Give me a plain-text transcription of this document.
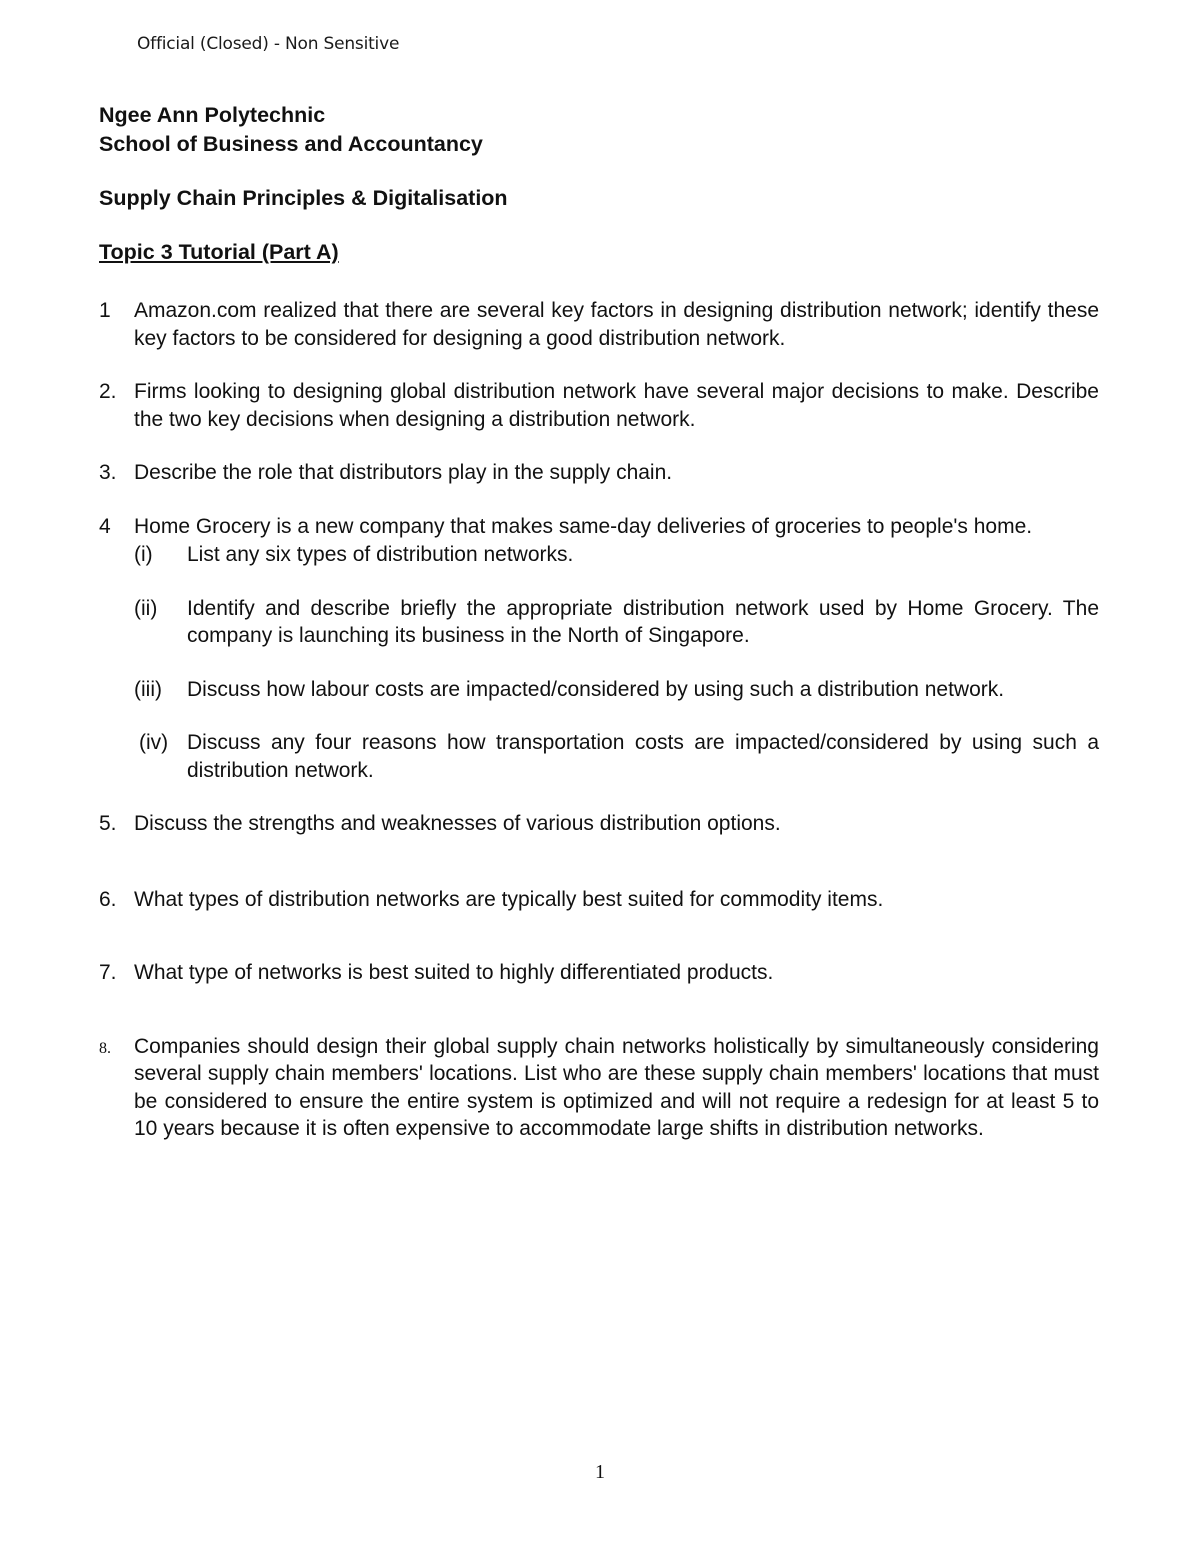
Official (Closed) - Non Sensitive

Ngee Ann Polytechnic

School of Business and Accountancy

Supply Chain Principles & Digitalisation

Topic 3 Tutorial (Part A)

1 Amazon.com realized that there are several key factors in designing distribution network; identify these key factors to be considered for designing a good distribution network.
2. Firms looking to designing global distribution network have several major decisions to make. Describe the two key decisions when designing a distribution network.
3. Describe the role that distributors play in the supply chain.
4 Home Grocery is a new company that makes same-day deliveries of groceries to people's home.
(i) List any six types of distribution networks.
(ii) Identify and describe briefly the appropriate distribution network used by Home Grocery. The company is launching its business in the North of Singapore.
(iii) Discuss how labour costs are impacted/considered by using such a distribution network.
(iv) Discuss any four reasons how transportation costs are impacted/considered by using such a distribution network.
5. Discuss the strengths and weaknesses of various distribution options.
6. What types of distribution networks are typically best suited for commodity items.
7. What type of networks is best suited to highly differentiated products.
8. Companies should design their global supply chain networks holistically by simultaneously considering several supply chain members' locations. List who are these supply chain members' locations that must be considered to ensure the entire system is optimized and will not require a redesign for at least 5 to 10 years because it is often expensive to accommodate large shifts in distribution networks.
1
